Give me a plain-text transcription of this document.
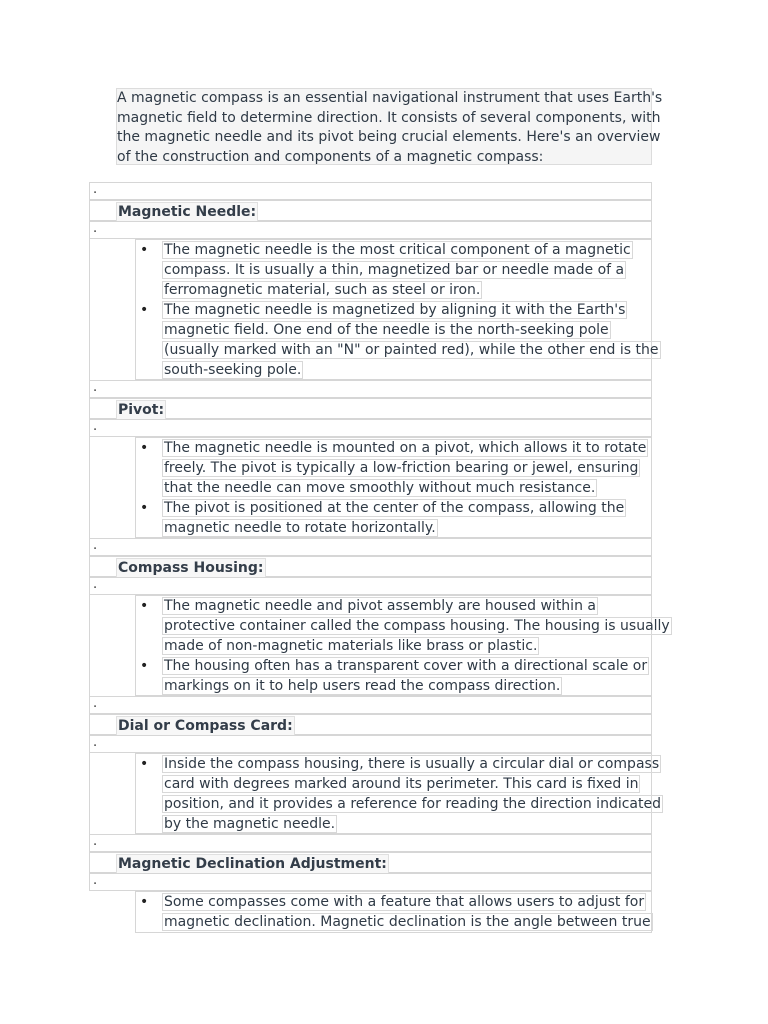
A magnetic compass is an essential navigational instrument that uses Earth's
magnetic field to determine direction. It consists of several components, with
the magnetic needle and its pivot being crucial elements. Here's an overview
of the construction and components of a magnetic compass:
.
Magnetic Needle:
.
• The magnetic needle is the most critical component of a magnetic
compass. It is usually a thin, magnetized bar or needle made of a
ferromagnetic material, such as steel or iron.
• The magnetic needle is magnetized by aligning it with the Earth's
magnetic field. One end of the needle is the north-seeking pole
(usually marked with an "N" or painted red), while the other end is the
south-seeking pole.
.
Pivot:
.
• The magnetic needle is mounted on a pivot, which allows it to rotate
freely. The pivot is typically a low-friction bearing or jewel, ensuring
that the needle can move smoothly without much resistance.
• The pivot is positioned at the center of the compass, allowing the
magnetic needle to rotate horizontally.
.
Compass Housing:
.
• The magnetic needle and pivot assembly are housed within a
protective container called the compass housing. The housing is usually
made of non-magnetic materials like brass or plastic.
• The housing often has a transparent cover with a directional scale or
markings on it to help users read the compass direction.
.
Dial or Compass Card:
.
• Inside the compass housing, there is usually a circular dial or compass
card with degrees marked around its perimeter. This card is fixed in
position, and it provides a reference for reading the direction indicated
by the magnetic needle.
.
Magnetic Declination Adjustment:
.
• Some compasses come with a feature that allows users to adjust for
magnetic declination. Magnetic declination is the angle between true
